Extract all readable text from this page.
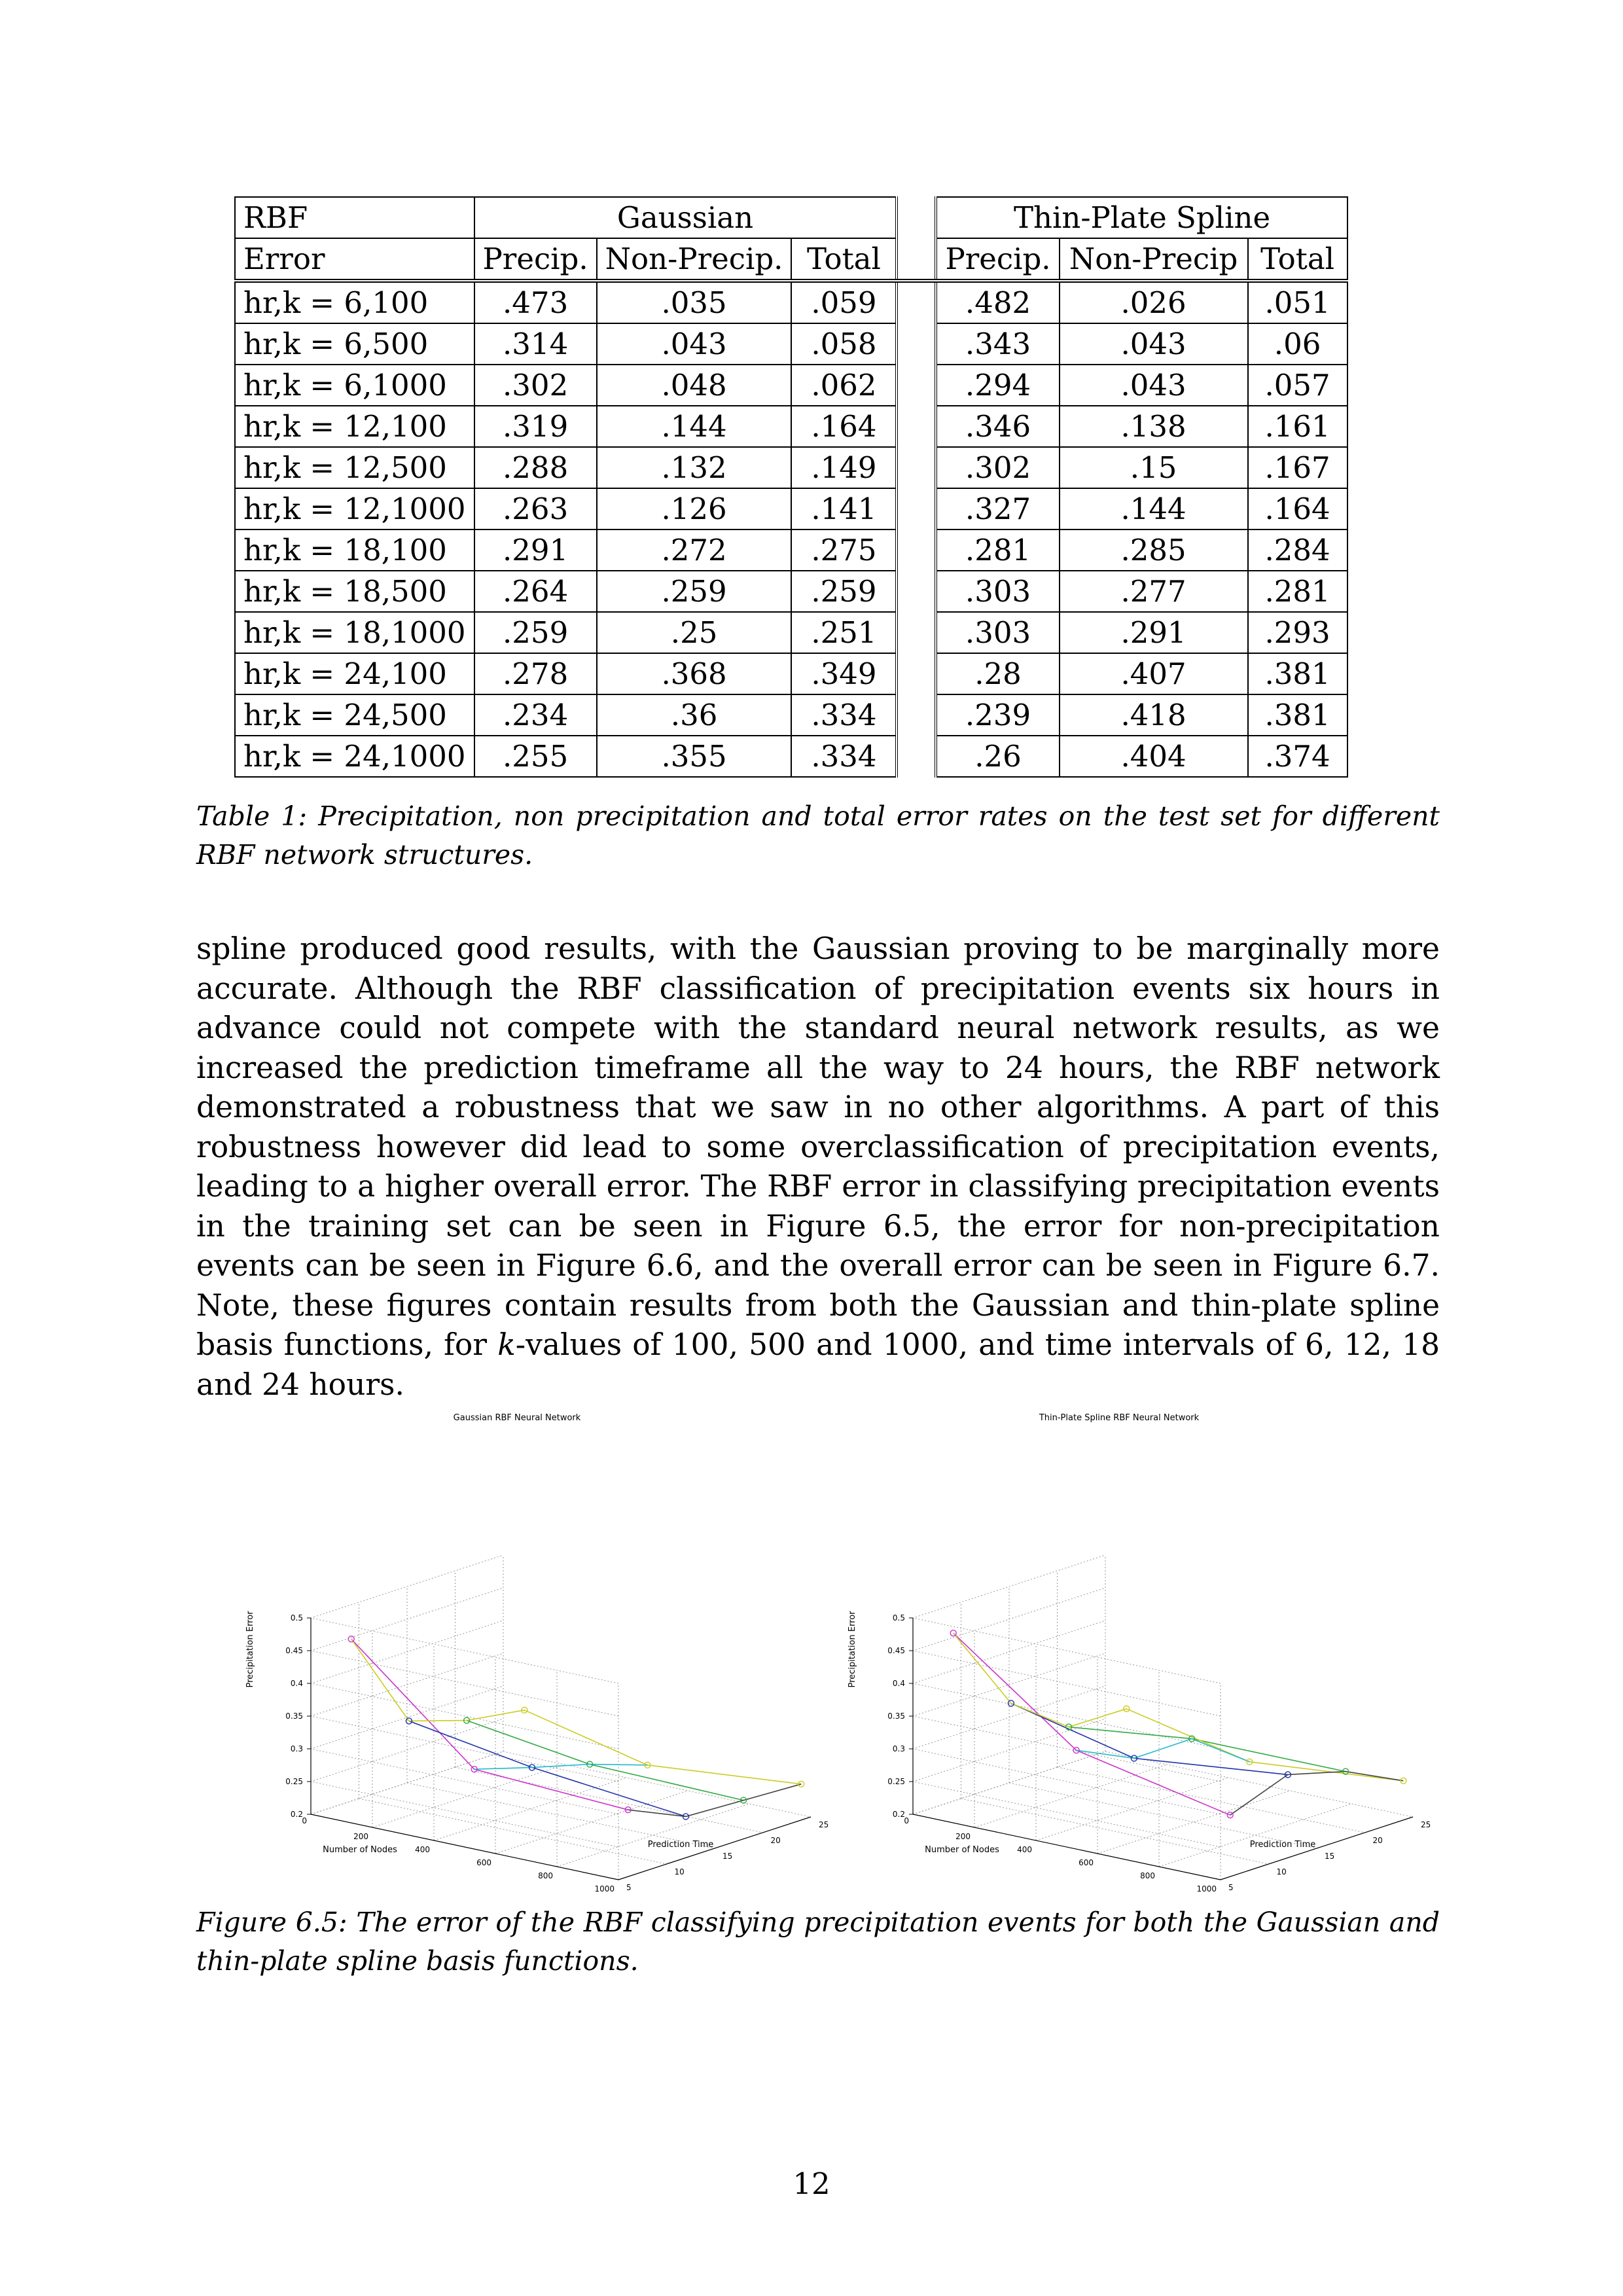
RBF	Gaussian				Thin-Plate Spline		
Error	Precip.	Non-Precip.	Total		Precip.	Non-Precip	Total
hr,k = 6,100	.473	.035	.059		.482	.026	.051
hr,k = 6,500	.314	.043	.058		.343	.043	.06
hr,k = 6,1000	.302	.048	.062		.294	.043	.057
hr,k = 12,100	.319	.144	.164		.346	.138	.161
hr,k = 12,500	.288	.132	.149		.302	.15	.167
hr,k = 12,1000	.263	.126	.141		.327	.144	.164
hr,k = 18,100	.291	.272	.275		.281	.285	.284
hr,k = 18,500	.264	.259	.259		.303	.277	.281
hr,k = 18,1000	.259	.25	.251		.303	.291	.293
hr,k = 24,100	.278	.368	.349		.28	.407	.381
hr,k = 24,500	.234	.36	.334		.239	.418	.381
hr,k = 24,1000	.255	.355	.334		.26	.404	.374
Table 1: Precipitation, non precipitation and total error rates on the test set for different RBF network structures.
spline produced good results, with the Gaussian proving to be marginally more accurate. Although the RBF classification of precipitation events six hours in advance could not compete with the standard neural network results, as we increased the prediction timeframe all the way to 24 hours, the RBF network demonstrated a robustness that we saw in no other algorithms. A part of this robustness however did lead to some overclassification of precipitation events, leading to a higher overall error. The RBF error in classifying precipitation events in the training set can be seen in Figure 6.5, the error for non-precipitation events can be seen in Figure 6.6, and the overall error can be seen in Figure 6.7. Note, these figures contain results from both the Gaussian and thin-plate spline basis functions, for k-values of 100, 500 and 1000, and time intervals of 6, 12, 18 and 24 hours.
Gaussian RBF Neural Network
Precipitation Error
Number of Nodes
Prediction Time
0.2
0.25
0.3
0.35
0.4
0.45
0.5
0
200
400
600
800
1000 5
10
15
20
25
Thin-Plate Spline RBF Neural Network
Precipitation Error
Number of Nodes
Prediction Time
0.2
0.25
0.3
0.35
0.4
0.45
0.5
0
200
400
600
800
1000 5
10
15
20
25
Figure 6.5: The error of the RBF classifying precipitation events for both the Gaussian and thin-plate spline basis functions.
12
